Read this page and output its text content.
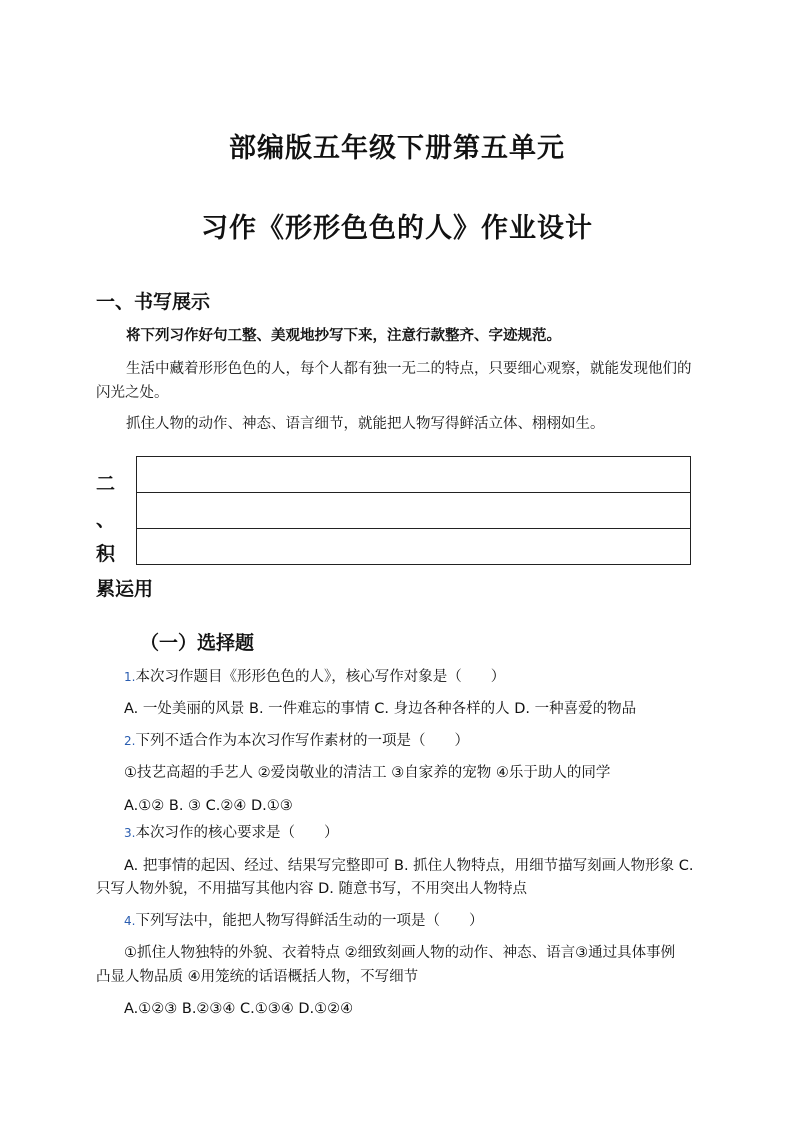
部编版五年级下册第五单元
习作《形形色色的人》作业设计
一、书写展示
将下列习作好句工整、美观地抄写下来，注意行款整齐、字迹规范。
生活中藏着形形色色的人，每个人都有独一无二的特点，只要细心观察，就能发现他们的
闪光之处。
抓住人物的动作、神态、语言细节，就能把人物写得鲜活立体、栩栩如生。
二
、
积

累运用
（一）选择题
1.本次习作题目《形形色色的人》，核心写作对象是（　　）
A. 一处美丽的风景 B. 一件难忘的事情 C. 身边各种各样的人 D. 一种喜爱的物品
2.下列不适合作为本次习作写作素材的一项是（　　）
①技艺高超的手艺人 ②爱岗敬业的清洁工 ③自家养的宠物 ④乐于助人的同学
A.①② B. ③ C.②④ D.①③
3.本次习作的核心要求是（　　）
A. 把事情的起因、经过、结果写完整即可 B. 抓住人物特点，用细节描写刻画人物形象 C.
只写人物外貌，不用描写其他内容 D. 随意书写，不用突出人物特点
4.下列写法中，能把人物写得鲜活生动的一项是（　　）
①抓住人物独特的外貌、衣着特点 ②细致刻画人物的动作、神态、语言③通过具体事例
凸显人物品质 ④用笼统的话语概括人物，不写细节
A.①②③ B.②③④ C.①③④ D.①②④
